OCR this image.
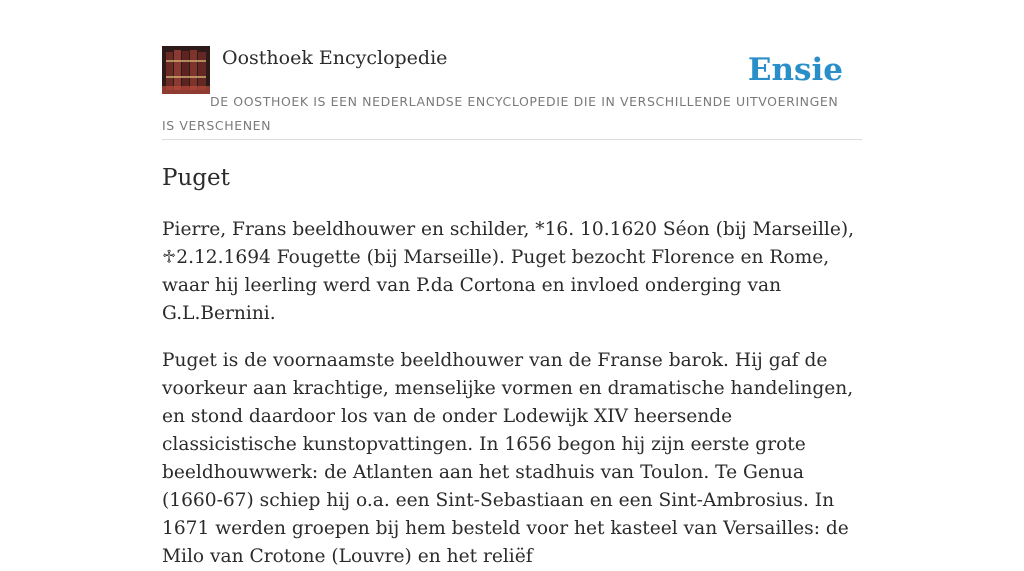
Oosthoek Encyclopedie	Ensie
DE OOSTHOEK IS EEN NEDERLANDSE ENCYCLOPEDIE DIE IN VERSCHILLENDE UITVOERINGEN IS VERSCHENEN
Puget

Pierre, Frans beeldhouwer en schilder, *16. 10.1620 Séon (bij Marseille), ♱2.12.1694 Fougette (bij Marseille). Puget bezocht Florence en Rome, waar hij leerling werd van P.da Cortona en invloed onderging van G.L.Bernini.

Puget is de voornaamste beeldhouwer van de Franse barok. Hij gaf de voorkeur aan krachtige, menselijke vormen en dramatische handelingen, en stond daardoor los van de onder Lodewijk XIV heersende classicistische kunstopvattingen. In 1656 begon hij zijn eerste grote beeldhouwwerk: de Atlanten aan het stadhuis van Toulon. Te Genua (1660-67) schiep hij o.a. een Sint-Sebastiaan en een Sint-Ambrosius. In 1671 werden groepen bij hem besteld voor het kasteel van Versailles: de Milo van Crotone (Louvre) en het reliëf
